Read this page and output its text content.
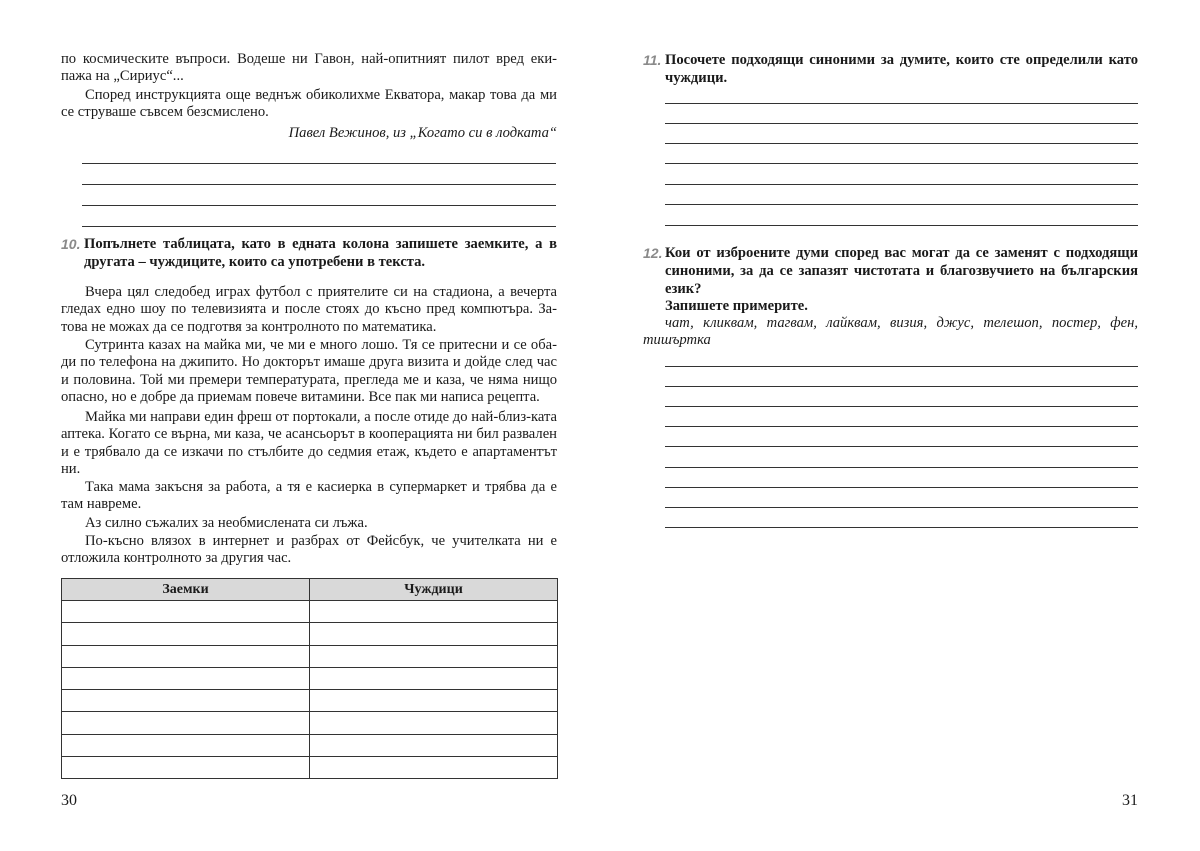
по космическите въпроси. Водеше ни Гавон, най-опитният пилот вред еки-пажа на „Сириус“...

Според инструкцията още веднъж обиколихме Екватора, макар това да ми се струваше съвсем безсмислено.

Павел Вежинов, из „Когато си в лодката“

10. Попълнете таблицата, като в едната колона запишете заемките, а в другата – чуждиците, които са употребени в текста.

Вчера цял следобед играх футбол с приятелите си на стадиона, а вечерта гледах едно шоу по телевизията и после стоях до късно пред компютъра. За-това не можах да се подготвя за контролното по математика.

Сутринта казах на майка ми, че ми е много лошо. Тя се притесни и се оба-ди по телефона на джипито. Но докторът имаше друга визита и дойде след час и половина. Той ми премери температурата, прегледа ме и каза, че няма нищо опасно, но е добре да приемам повече витамини. Все пак ми написа рецепта.

Майка ми направи един фреш от портокали, а после отиде до най-близ-ката аптека. Когато се върна, ми каза, че асансьорът в кооперацията ни бил развален и е трябвало да се изкачи по стълбите до седмия етаж, където е апартаментът ни.

Така мама закъсня за работа, а тя е касиерка в супермаркет и трябва да е там навреме.

Аз силно съжалих за необмислената си лъжа.

По-късно влязох в интернет и разбрах от Фейсбук, че учителката ни е отложила контролното за другия час.

Заемки	Чуждици

30
11. Посочете подходящи синоними за думите, които сте определили като чуждици.

12. Кои от изброените думи според вас могат да се заменят с подходящи синоними, за да се запазят чистотата и благозвучието на българския език?

Запишете примерите.

чат, кликвам, тагвам, лайквам, визия, джус, телешоп, постер, фен, тишъртка

31
